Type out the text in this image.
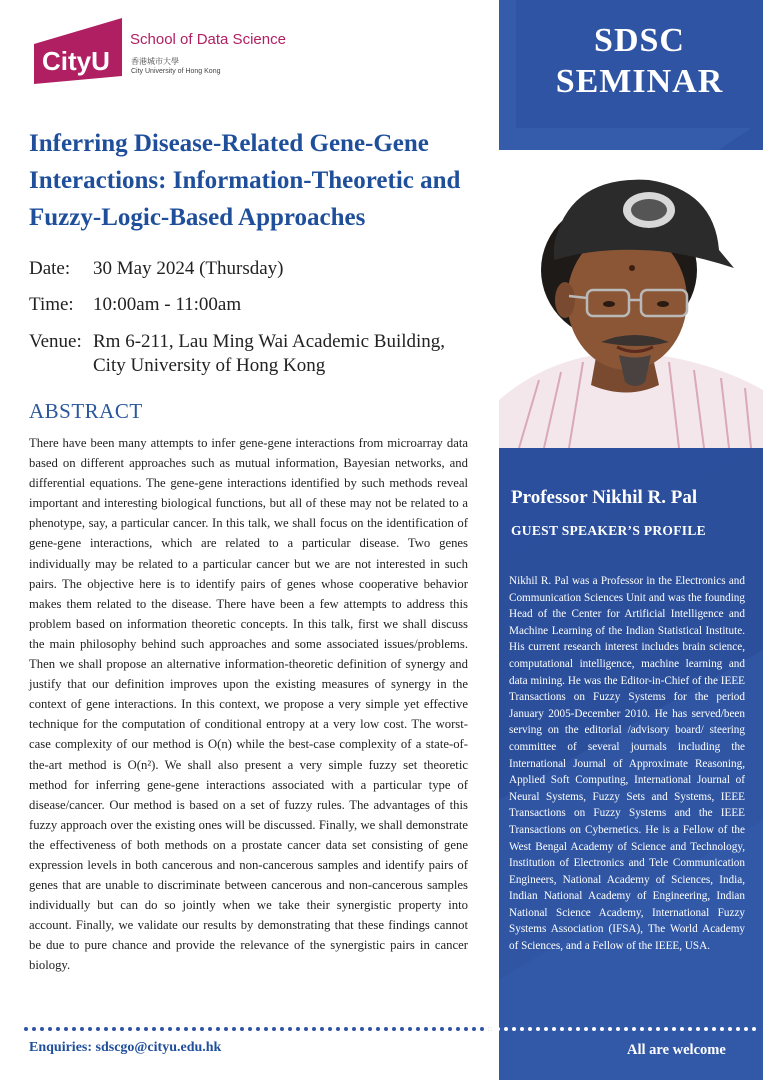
SDSC
SEMINAR
CityU
School of Data Science
香港城市大學
City University of Hong Kong
Inferring Disease-Related Gene-Gene Interactions: Information-Theoretic and Fuzzy-Logic-Based Approaches
Date: 30 May 2024 (Thursday)
Time: 10:00am - 11:00am
Venue: Rm 6-211, Lau Ming Wai Academic Building,
City University of Hong Kong
ABSTRACT
There have been many attempts to infer gene-gene interactions from microarray data based on different approaches such as mutual information, Bayesian networks, and differential equations. The gene-gene interactions identified by such methods reveal important and interesting biological functions, but all of these may not be related to a phenotype, say, a particular cancer. In this talk, we shall focus on the identification of gene-gene interactions, which are related to a particular disease. Two genes individually may be related to a particular cancer but we are not interested in such pairs. The objective here is to identify pairs of genes whose cooperative behavior makes them related to the disease. There have been a few attempts to address this problem based on information theoretic concepts. In this talk, first we shall discuss the main philosophy behind such approaches and some associated issues/problems. Then we shall propose an alternative information-theoretic definition of synergy and justify that our definition improves upon the existing measures of synergy in the context of gene interactions. In this context, we propose a very simple yet effective technique for the computation of conditional entropy at a very low cost. The worst-case complexity of our method is O(n) while the best-case complexity of a state-of-the-art method is O(n²). We shall also present a very simple fuzzy set theoretic method for inferring gene-gene interactions associated with a particular type of disease/cancer. Our method is based on a set of fuzzy rules. The advantages of this fuzzy approach over the existing ones will be discussed. Finally, we shall demonstrate the effectiveness of both methods on a prostate cancer data set consisting of gene expression levels in both cancerous and non-cancerous samples and identify pairs of genes that are unable to discriminate between cancerous and non-cancerous samples individually but can do so jointly when we take their synergistic property into account. Finally, we validate our results by demonstrating that these findings cannot be due to pure chance and provide the relevance of the synergistic pairs in cancer biology.
Professor Nikhil R. Pal
GUEST SPEAKER’S PROFILE
Nikhil R. Pal was a Professor in the Electronics and Communication Sciences Unit and was the founding Head of the Center for Artificial Intelligence and Machine Learning of the Indian Statistical Institute. His current research interest includes brain science, computational intelligence, machine learning and data mining. He was the Editor-in-Chief of the IEEE Transactions on Fuzzy Systems for the period January 2005-December 2010. He has served/been serving on the editorial /advisory board/ steering committee of several journals including the International Journal of Approximate Reasoning, Applied Soft Computing, International Journal of Neural Systems, Fuzzy Sets and Systems, IEEE Transactions on Fuzzy Systems and the IEEE Transactions on Cybernetics. He is a Fellow of the West Bengal Academy of Science and Technology, Institution of Electronics and Tele Communication Engineers, National Academy of Sciences, India, Indian National Academy of Engineering, Indian National Science Academy, International Fuzzy Systems Association (IFSA), The World Academy of Sciences, and a Fellow of the IEEE, USA.
Enquiries: sdscgo@cityu.edu.hk	All are welcome
